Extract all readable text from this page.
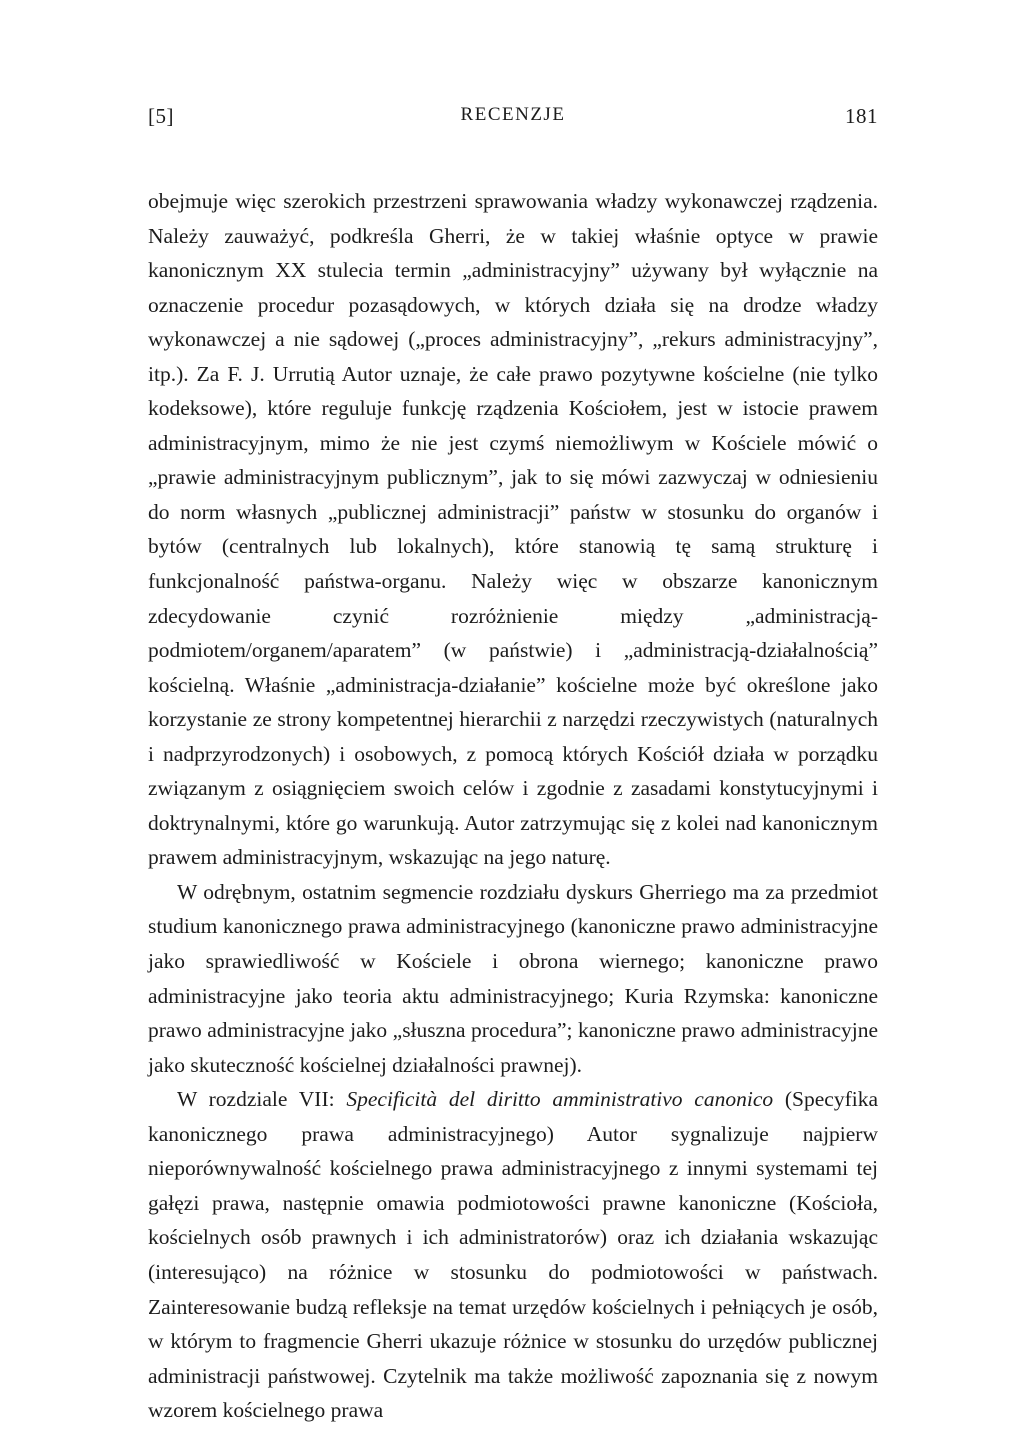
[5]	RECENZJE	181

obejmuje więc szerokich przestrzeni sprawowania władzy wykonawczej rządzenia. Należy zauważyć, podkreśla Gherri, że w takiej właśnie optyce w prawie kanonicznym XX stulecia termin „administracyjny” używany był wyłącznie na oznaczenie procedur pozasądowych, w których działa się na drodze władzy wykonawczej a nie sądowej („proces administracyjny”, „rekurs administracyjny”, itp.). Za F. J. Urrutią Autor uznaje, że całe prawo pozytywne kościelne (nie tylko kodeksowe), które reguluje funkcję rządzenia Kościołem, jest w istocie prawem administracyjnym, mimo że nie jest czymś niemożliwym w Kościele mówić o „prawie administracyjnym publicznym”, jak to się mówi zazwyczaj w odniesieniu do norm własnych „publicznej administracji” państw w stosunku do organów i bytów (centralnych lub lokalnych), które stanowią tę samą strukturę i funkcjonalność państwa-organu. Należy więc w obszarze kanonicznym zdecydowanie czynić rozróżnienie między „administracją-podmiotem/organem/aparatem” (w państwie) i „administracją-działalnością” kościelną. Właśnie „administracja-działanie” kościelne może być określone jako korzystanie ze strony kompetentnej hierarchii z narzędzi rzeczywistych (naturalnych i nadprzyrodzonych) i osobowych, z pomocą których Kościół działa w porządku związanym z osiągnięciem swoich celów i zgodnie z zasadami konstytucyjnymi i doktrynalnymi, które go warunkują. Autor zatrzymując się z kolei nad kanonicznym prawem administracyjnym, wskazując na jego naturę.

W odrębnym, ostatnim segmencie rozdziału dyskurs Gherriego ma za przedmiot studium kanonicznego prawa administracyjnego (kanoniczne prawo administracyjne jako sprawiedliwość w Kościele i obrona wiernego; kanoniczne prawo administracyjne jako teoria aktu administracyjnego; Kuria Rzymska: kanoniczne prawo administracyjne jako „słuszna procedura”; kanoniczne prawo administracyjne jako skuteczność kościelnej działalności prawnej).

W rozdziale VII: Specificità del diritto amministrativo canonico (Specyfika kanonicznego prawa administracyjnego) Autor sygnalizuje najpierw nieporównywalność kościelnego prawa administracyjnego z innymi systemami tej gałęzi prawa, następnie omawia podmiotowości prawne kanoniczne (Kościoła, kościelnych osób prawnych i ich administratorów) oraz ich działania wskazując (interesująco) na różnice w stosunku do podmiotowości w państwach. Zainteresowanie budzą refleksje na temat urzędów kościelnych i pełniących je osób, w którym to fragmencie Gherri ukazuje różnice w stosunku do urzędów publicznej administracji państwowej. Czytelnik ma także możliwość zapoznania się z nowym wzorem kościelnego prawa
